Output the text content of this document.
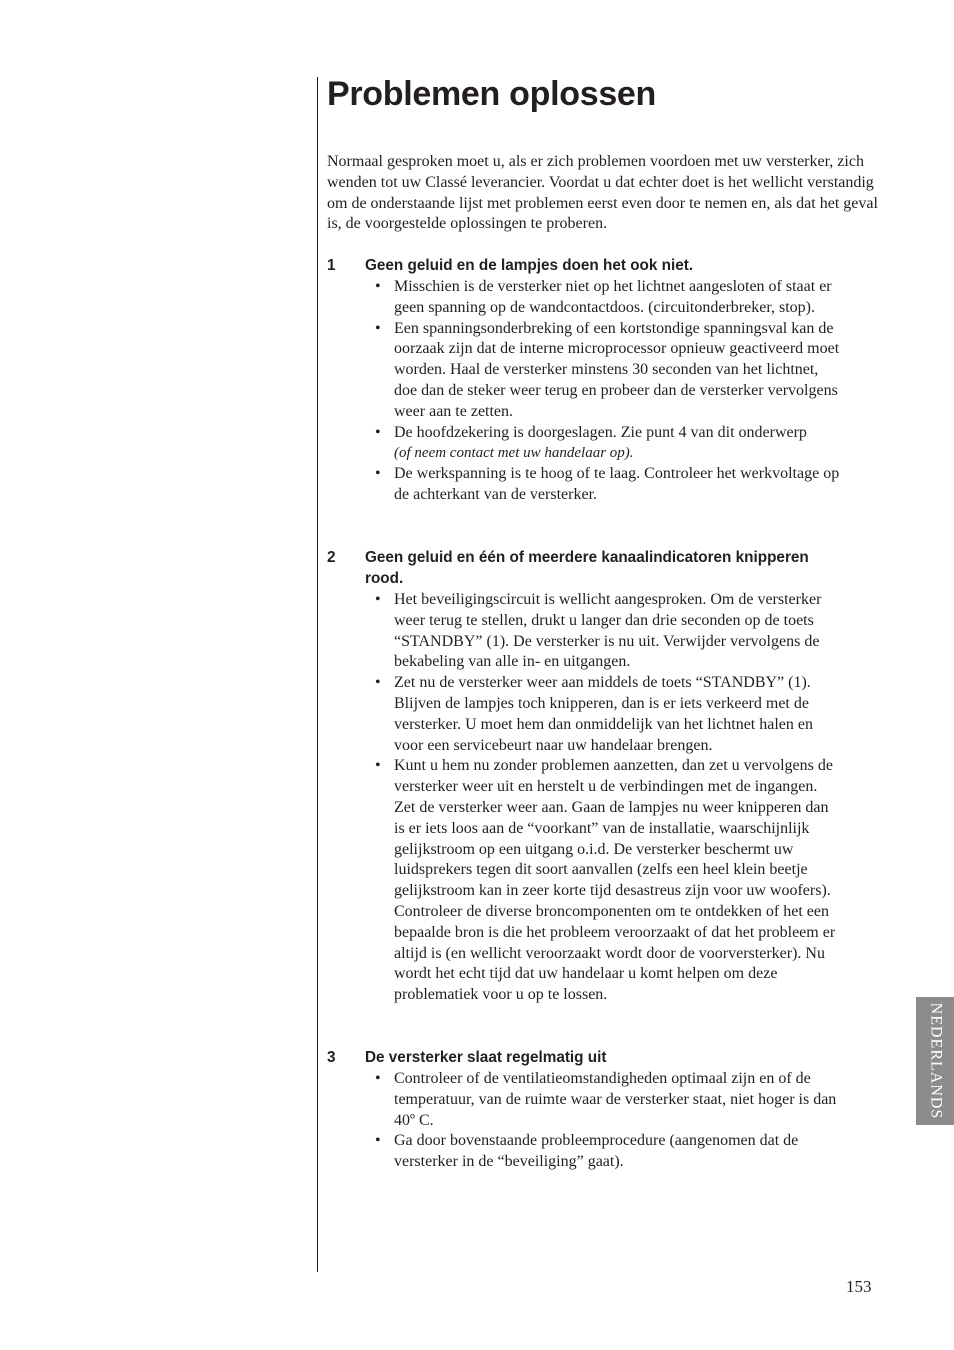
Problemen oplossen

Normaal gesproken moet u, als er zich problemen voordoen met uw versterker, zich wenden tot uw Classé leverancier. Voordat u dat echter doet is het wellicht verstandig om de onderstaande lijst met problemen eerst even door te nemen en, als dat het geval is, de voorgestelde oplossingen te proberen.

1 Geen geluid en de lampjes doen het ook niet.
• Misschien is de versterker niet op het lichtnet aangesloten of staat er geen spanning op de wandcontactdoos. (circuitonderbreker, stop).
• Een spanningsonderbreking of een kortstondige spanningsval kan de oorzaak zijn dat de interne microprocessor opnieuw geactiveerd moet worden. Haal de versterker minstens 30 seconden van het lichtnet, doe dan de steker weer terug en probeer dan de versterker vervolgens weer aan te zetten.
• De hoofdzekering is doorgeslagen. Zie punt 4 van dit onderwerp
(of neem contact met uw handelaar op).
• De werkspanning is te hoog of te laag. Controleer het werkvoltage op de achterkant van de versterker.
2 Geen geluid en één of meerdere kanaalindicatoren knipperen rood.
• Het beveiligingscircuit is wellicht aangesproken. Om de versterker weer terug te stellen, drukt u langer dan drie seconden op de toets “STANDBY” (1). De versterker is nu uit. Verwijder vervolgens de bekabeling van alle in- en uitgangen.
• Zet nu de versterker weer aan middels de toets “STANDBY” (1). Blijven de lampjes toch knipperen, dan is er iets verkeerd met de versterker. U moet hem dan onmiddelijk van het lichtnet halen en voor een servicebeurt naar uw handelaar brengen.
• Kunt u hem nu zonder problemen aanzetten, dan zet u vervolgens de versterker weer uit en herstelt u de verbindingen met de ingangen. Zet de versterker weer aan. Gaan de lampjes nu weer knipperen dan is er iets loos aan de “voorkant” van de installatie, waarschijnlijk gelijkstroom op een uitgang o.i.d. De versterker beschermt uw luidsprekers tegen dit soort aanvallen (zelfs een heel klein beetje gelijkstroom kan in zeer korte tijd desastreus zijn voor uw woofers). Controleer de diverse broncomponenten om te ontdekken of het een bepaalde bron is die het probleem veroorzaakt of dat het probleem er altijd is (en wellicht veroorzaakt wordt door de voorversterker). Nu wordt het echt tijd dat uw handelaar u komt helpen om deze problematiek voor u op te lossen.
3 De versterker slaat regelmatig uit
• Controleer of de ventilatieomstandigheden optimaal zijn en of de temperatuur, van de ruimte waar de versterker staat, niet hoger is dan 40º C.
• Ga door bovenstaande probleemprocedure (aangenomen dat de versterker in de “beveiliging” gaat).
NEDERLANDS
153
